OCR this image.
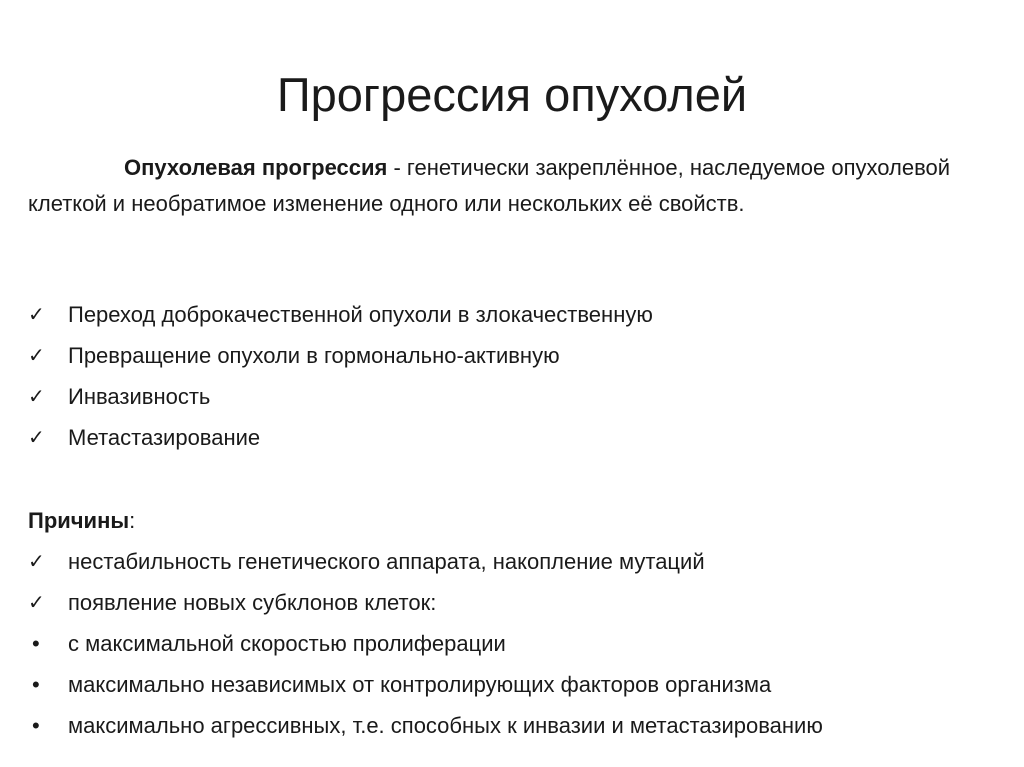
Прогрессия опухолей
Опухолевая прогрессия - генетически закреплённое, наследуемое опухолевой клеткой и необратимое изменение одного или нескольких её свойств.
✓	Переход доброкачественной опухоли в злокачественную
✓	Превращение опухоли в гормонально-активную
✓	Инвазивность
✓	Метастазирование
Причины:
✓	нестабильность генетического аппарата, накопление мутаций
✓	появление новых субклонов клеток:
•	с максимальной скоростью пролиферации
•	максимально независимых от контролирующих факторов организма
•	максимально агрессивных, т.е. способных к инвазии и метастазированию
